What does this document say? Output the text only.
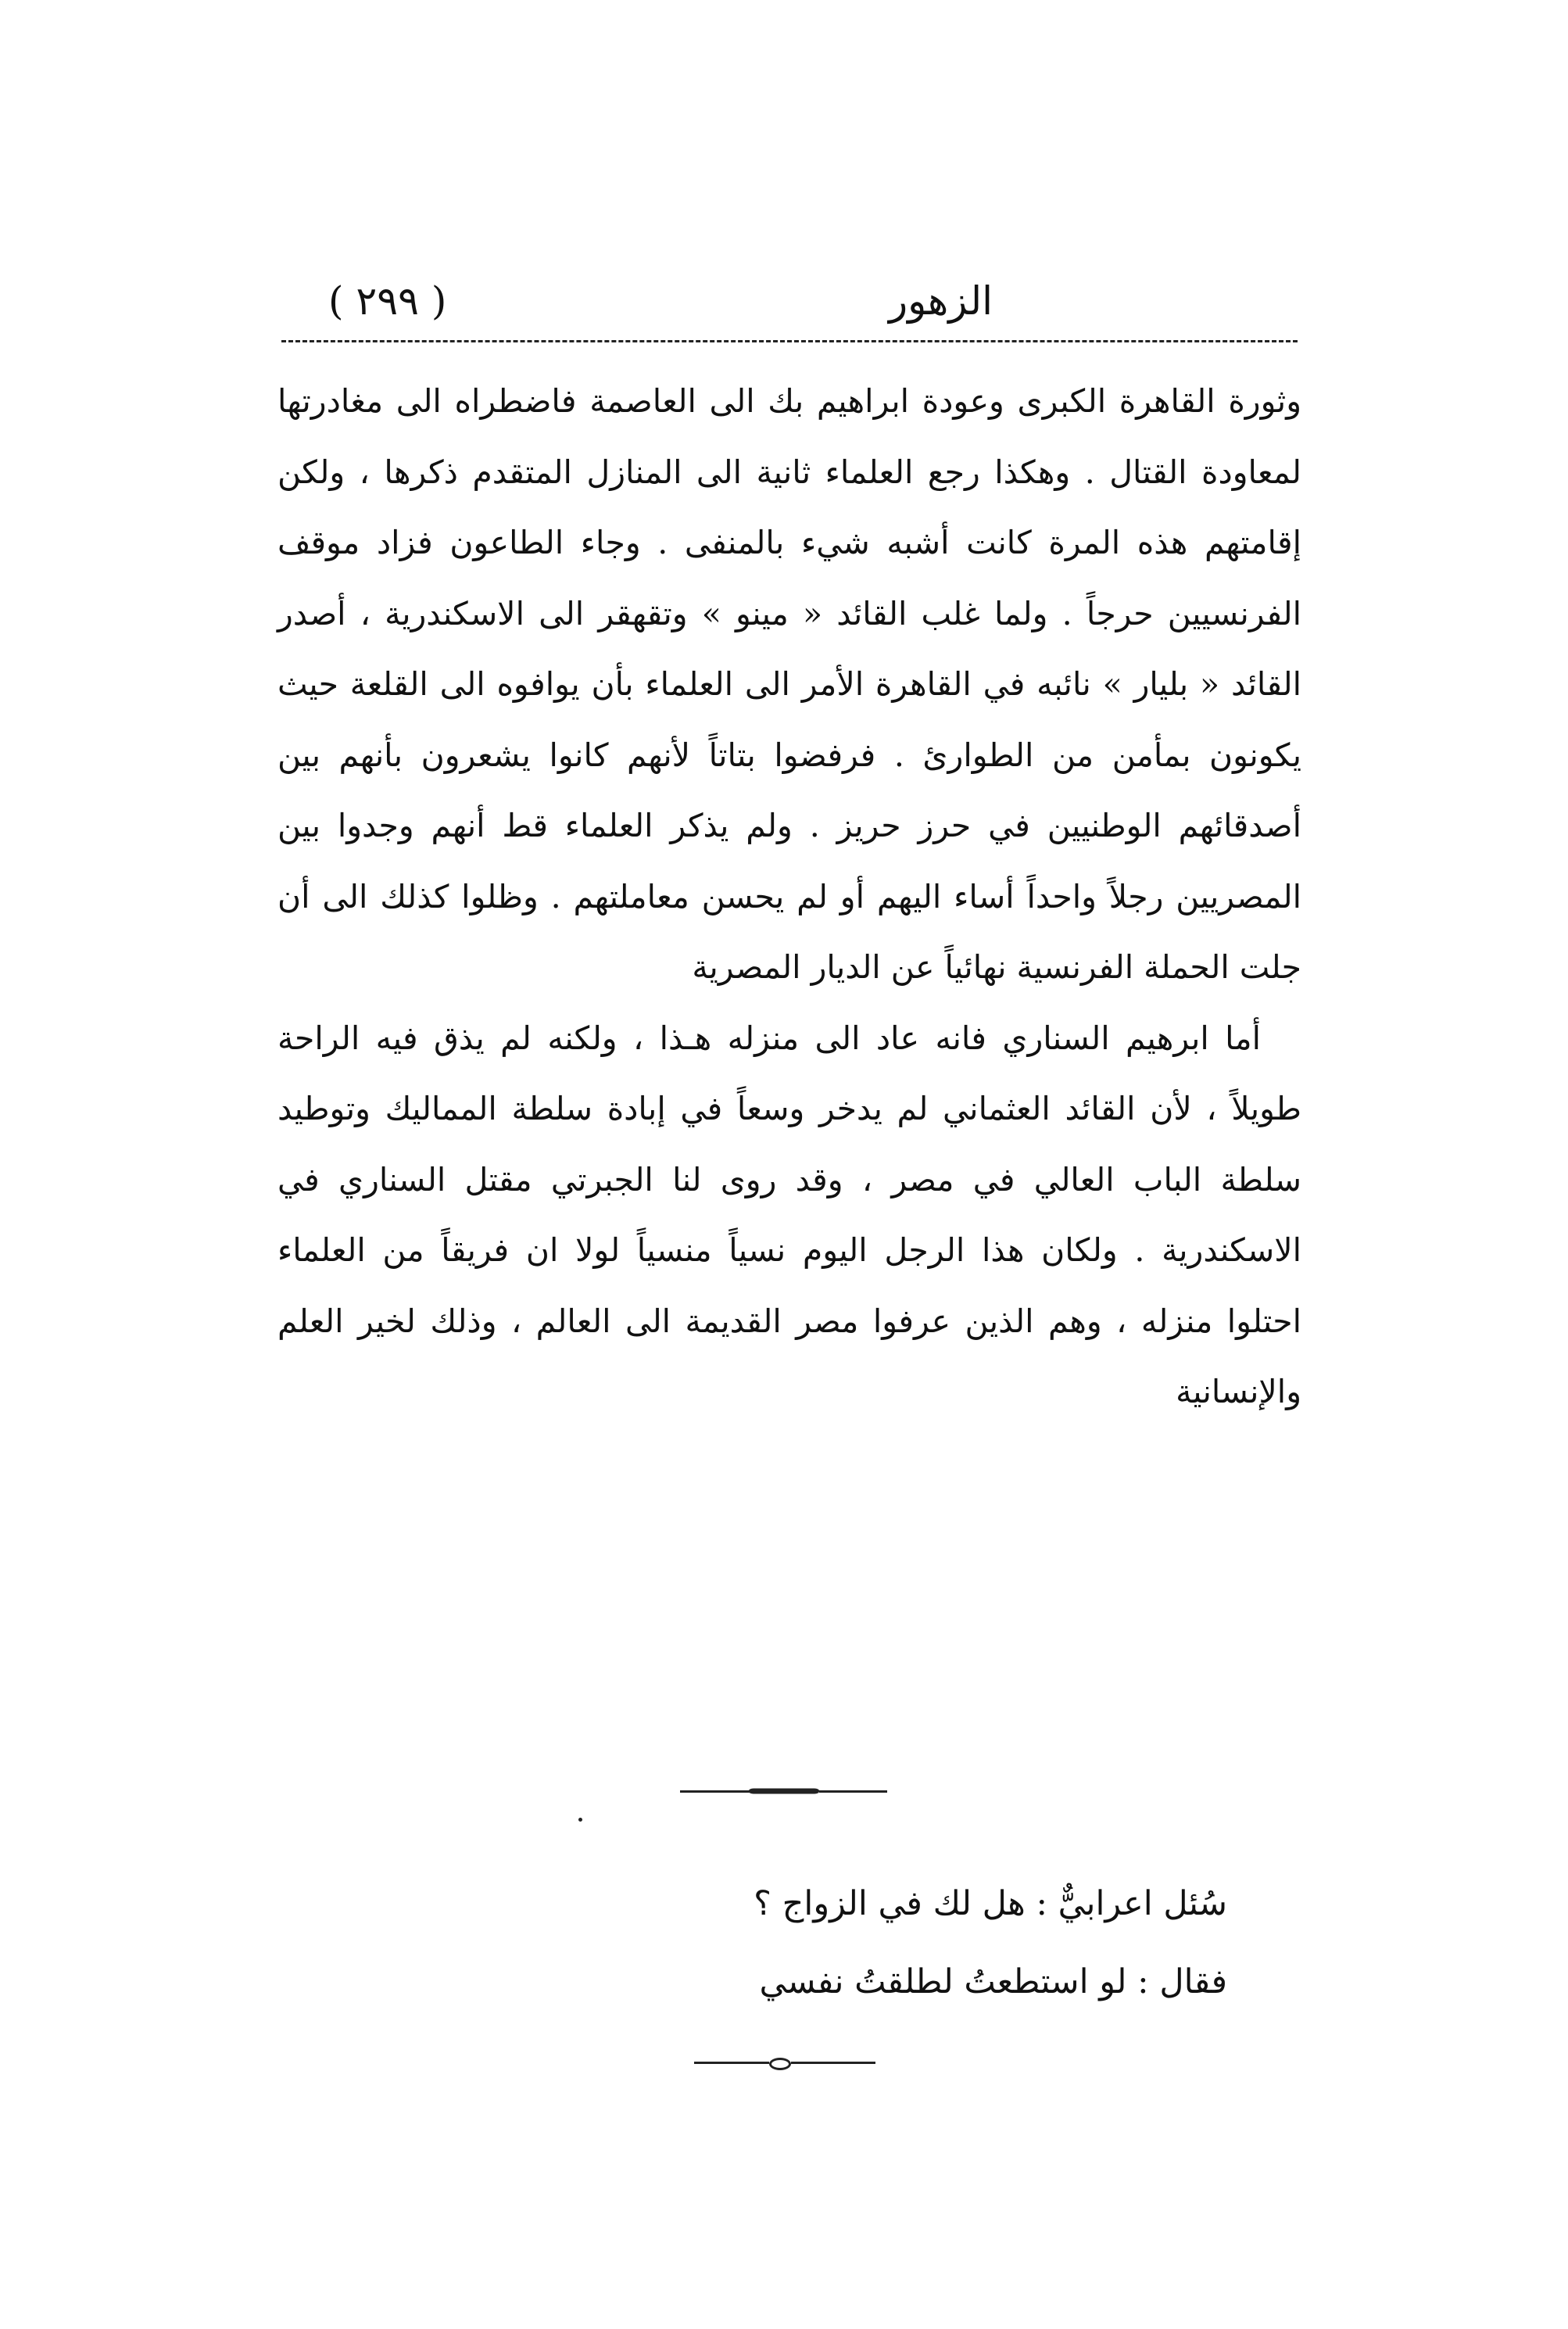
الزهور
( ٢٩٩ )

وثورة القاهرة الكبرى وعودة ابراهيم بك الى العاصمة فاضطراه الى مغادرتها لمعاودة القتال . وهكذا رجع العلماء ثانية الى المنازل المتقدم ذكرها ، ولكن إقامتهم هذه المرة كانت أشبه شيء بالمنفى . وجاء الطاعون فزاد موقف الفرنسيين حرجاً . ولما غلب القائد « مينو » وتقهقر الى الاسكندرية ، أصدر القائد « بليار » نائبه في القاهرة الأمر الى العلماء بأن يوافوه الى القلعة حيث يكونون بمأمن من الطوارئ . فرفضوا بتاتاً لأنهم كانوا يشعرون بأنهم بين أصدقائهم الوطنيين في حرز حريز . ولم يذكر العلماء قط أنهم وجدوا بين المصريين رجلاً واحداً أساء اليهم أو لم يحسن معاملتهم . وظلوا كذلك الى أن جلت الحملة الفرنسية نهائياً عن الديار المصرية

أما ابرهيم السناري فانه عاد الى منزله هـذا ، ولكنه لم يذق فيه الراحة طويلاً ، لأن القائد العثماني لم يدخر وسعاً في إبادة سلطة المماليك وتوطيد سلطة الباب العالي في مصر ، وقد روى لنا الجبرتي مقتل السناري في الاسكندرية . ولكان هذا الرجل اليوم نسياً منسياً لولا ان فريقاً من العلماء احتلوا منزله ، وهم الذين عرفوا مصر القديمة الى العالم ، وذلك لخير العلم والإنسانية

سُئل اعرابيٌّ : هل لك في الزواج ؟
فقال : لو استطعتُ لطلقتُ نفسي
